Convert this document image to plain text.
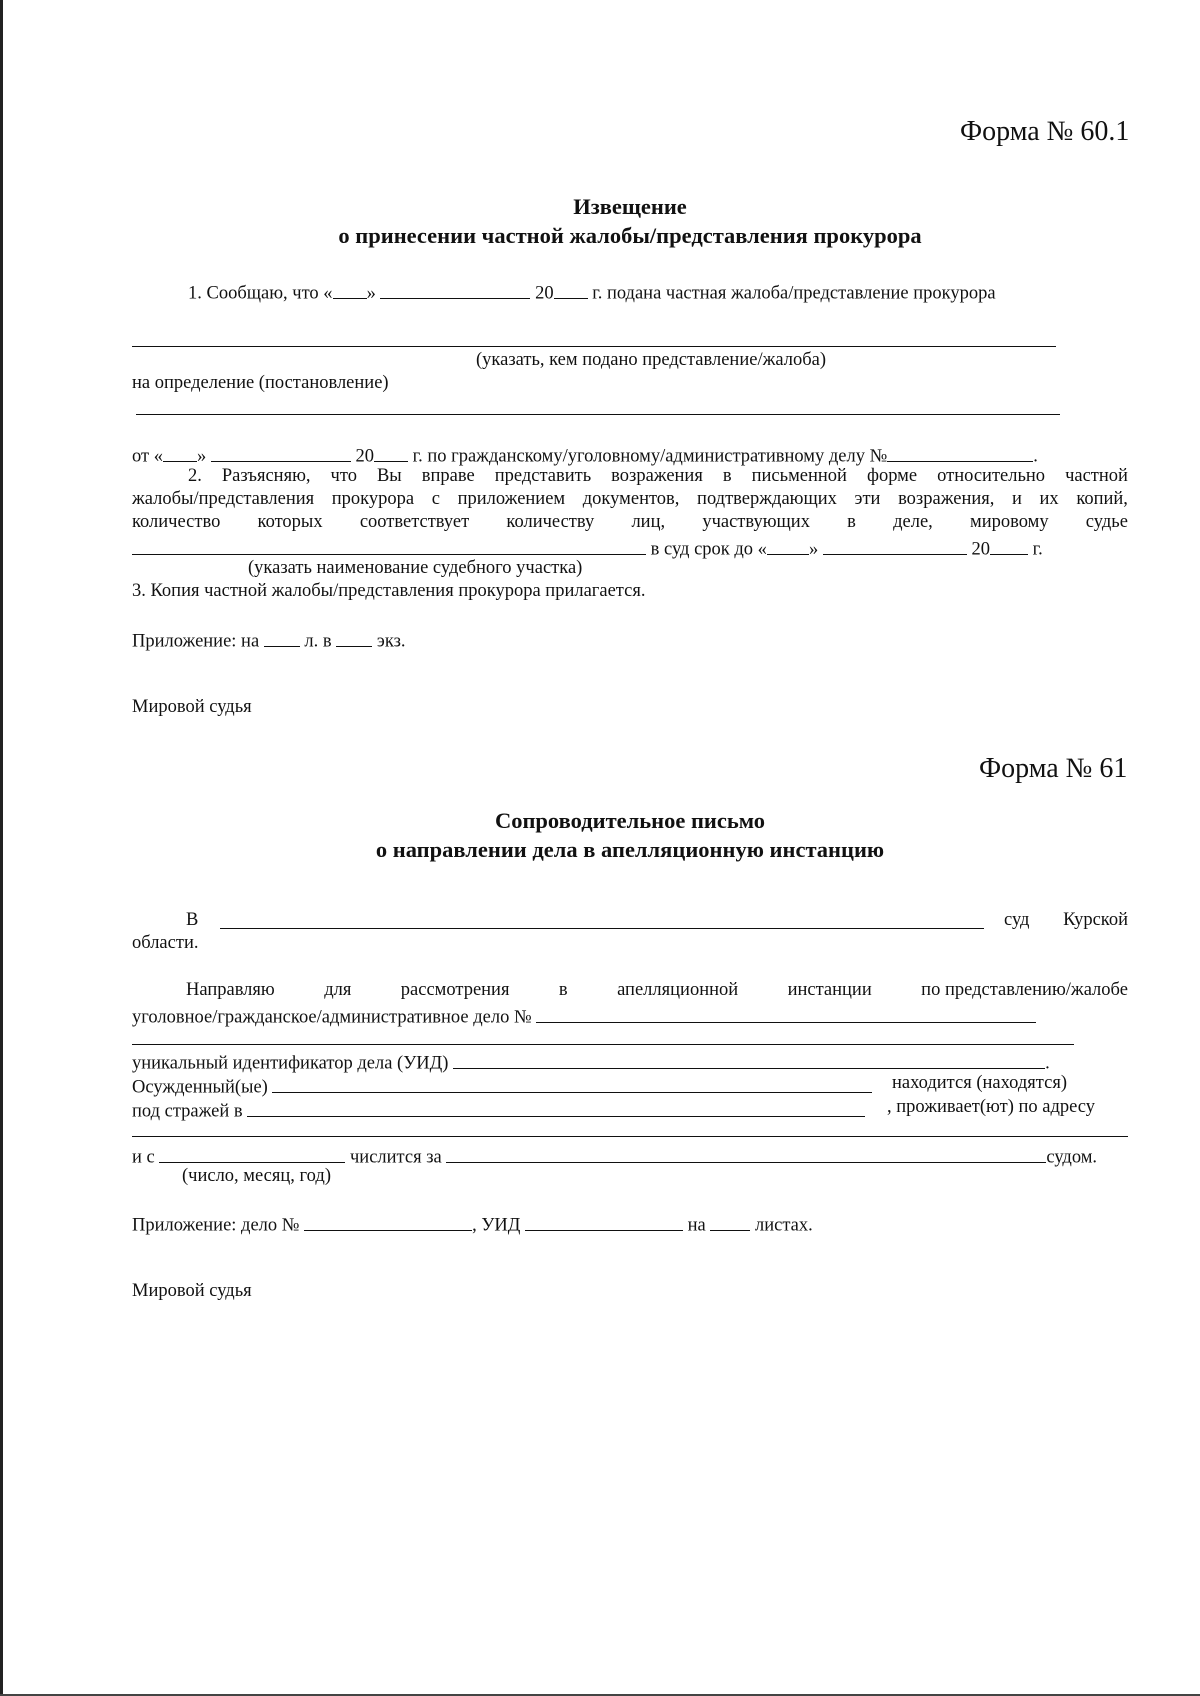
Форма № 60.1
Извещение
о принесении частной жалобы/представления прокурора
1. Сообщаю, что « »	20 г. подана частная жалоба/представление прокурора
(указать, кем подано представление/жалоба)
на определение (постановление)
от « »	20 г. по гражданскому/уголовному/административному делу №	.
2. Разъясняю, что Вы вправе представить возражения в письменной форме относительно частной
жалобы/представления прокурора с приложением документов, подтверждающих эти возражения, и их копий,
количество которых соответствует количеству лиц, участвующих в деле, мировому судье
в суд срок до « »	20 г.
(указать наименование судебного участка)
3. Копия частной жалобы/представления прокурора прилагается.
Приложение: на л. в экз.
Мировой судья
Форма № 61
Сопроводительное письмо
о направлении дела в апелляционную инстанцию
В	суд Курской
области.
Направляю	для	рассмотрения	в	апелляционной	инстанции	по представлению/жалобе
уголовное/гражданское/административное дело №
уникальный идентификатор дела (УИД)	.
Осужденный(ые)	находится (находятся)
под стражей в	, проживает(ют) по адресу
и с	числится за	судом.
(число, месяц, год)
Приложение: дело №	, УИД	на	листах.
Мировой судья
